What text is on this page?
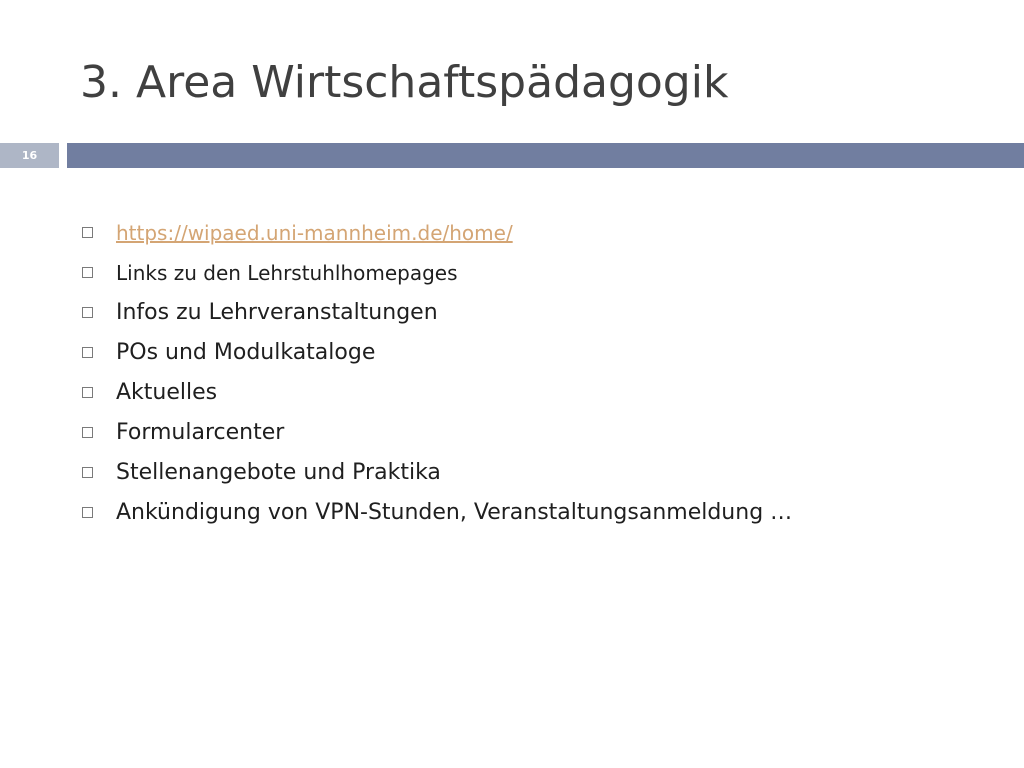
3. Area Wirtschaftspädagogik
16
https://wipaed.uni-mannheim.de/home/
Links zu den Lehrstuhlhomepages
Infos zu Lehrveranstaltungen
POs und Modulkataloge
Aktuelles
Formularcenter
Stellenangebote und Praktika
Ankündigung von VPN-Stunden, Veranstaltungsanmeldung …
